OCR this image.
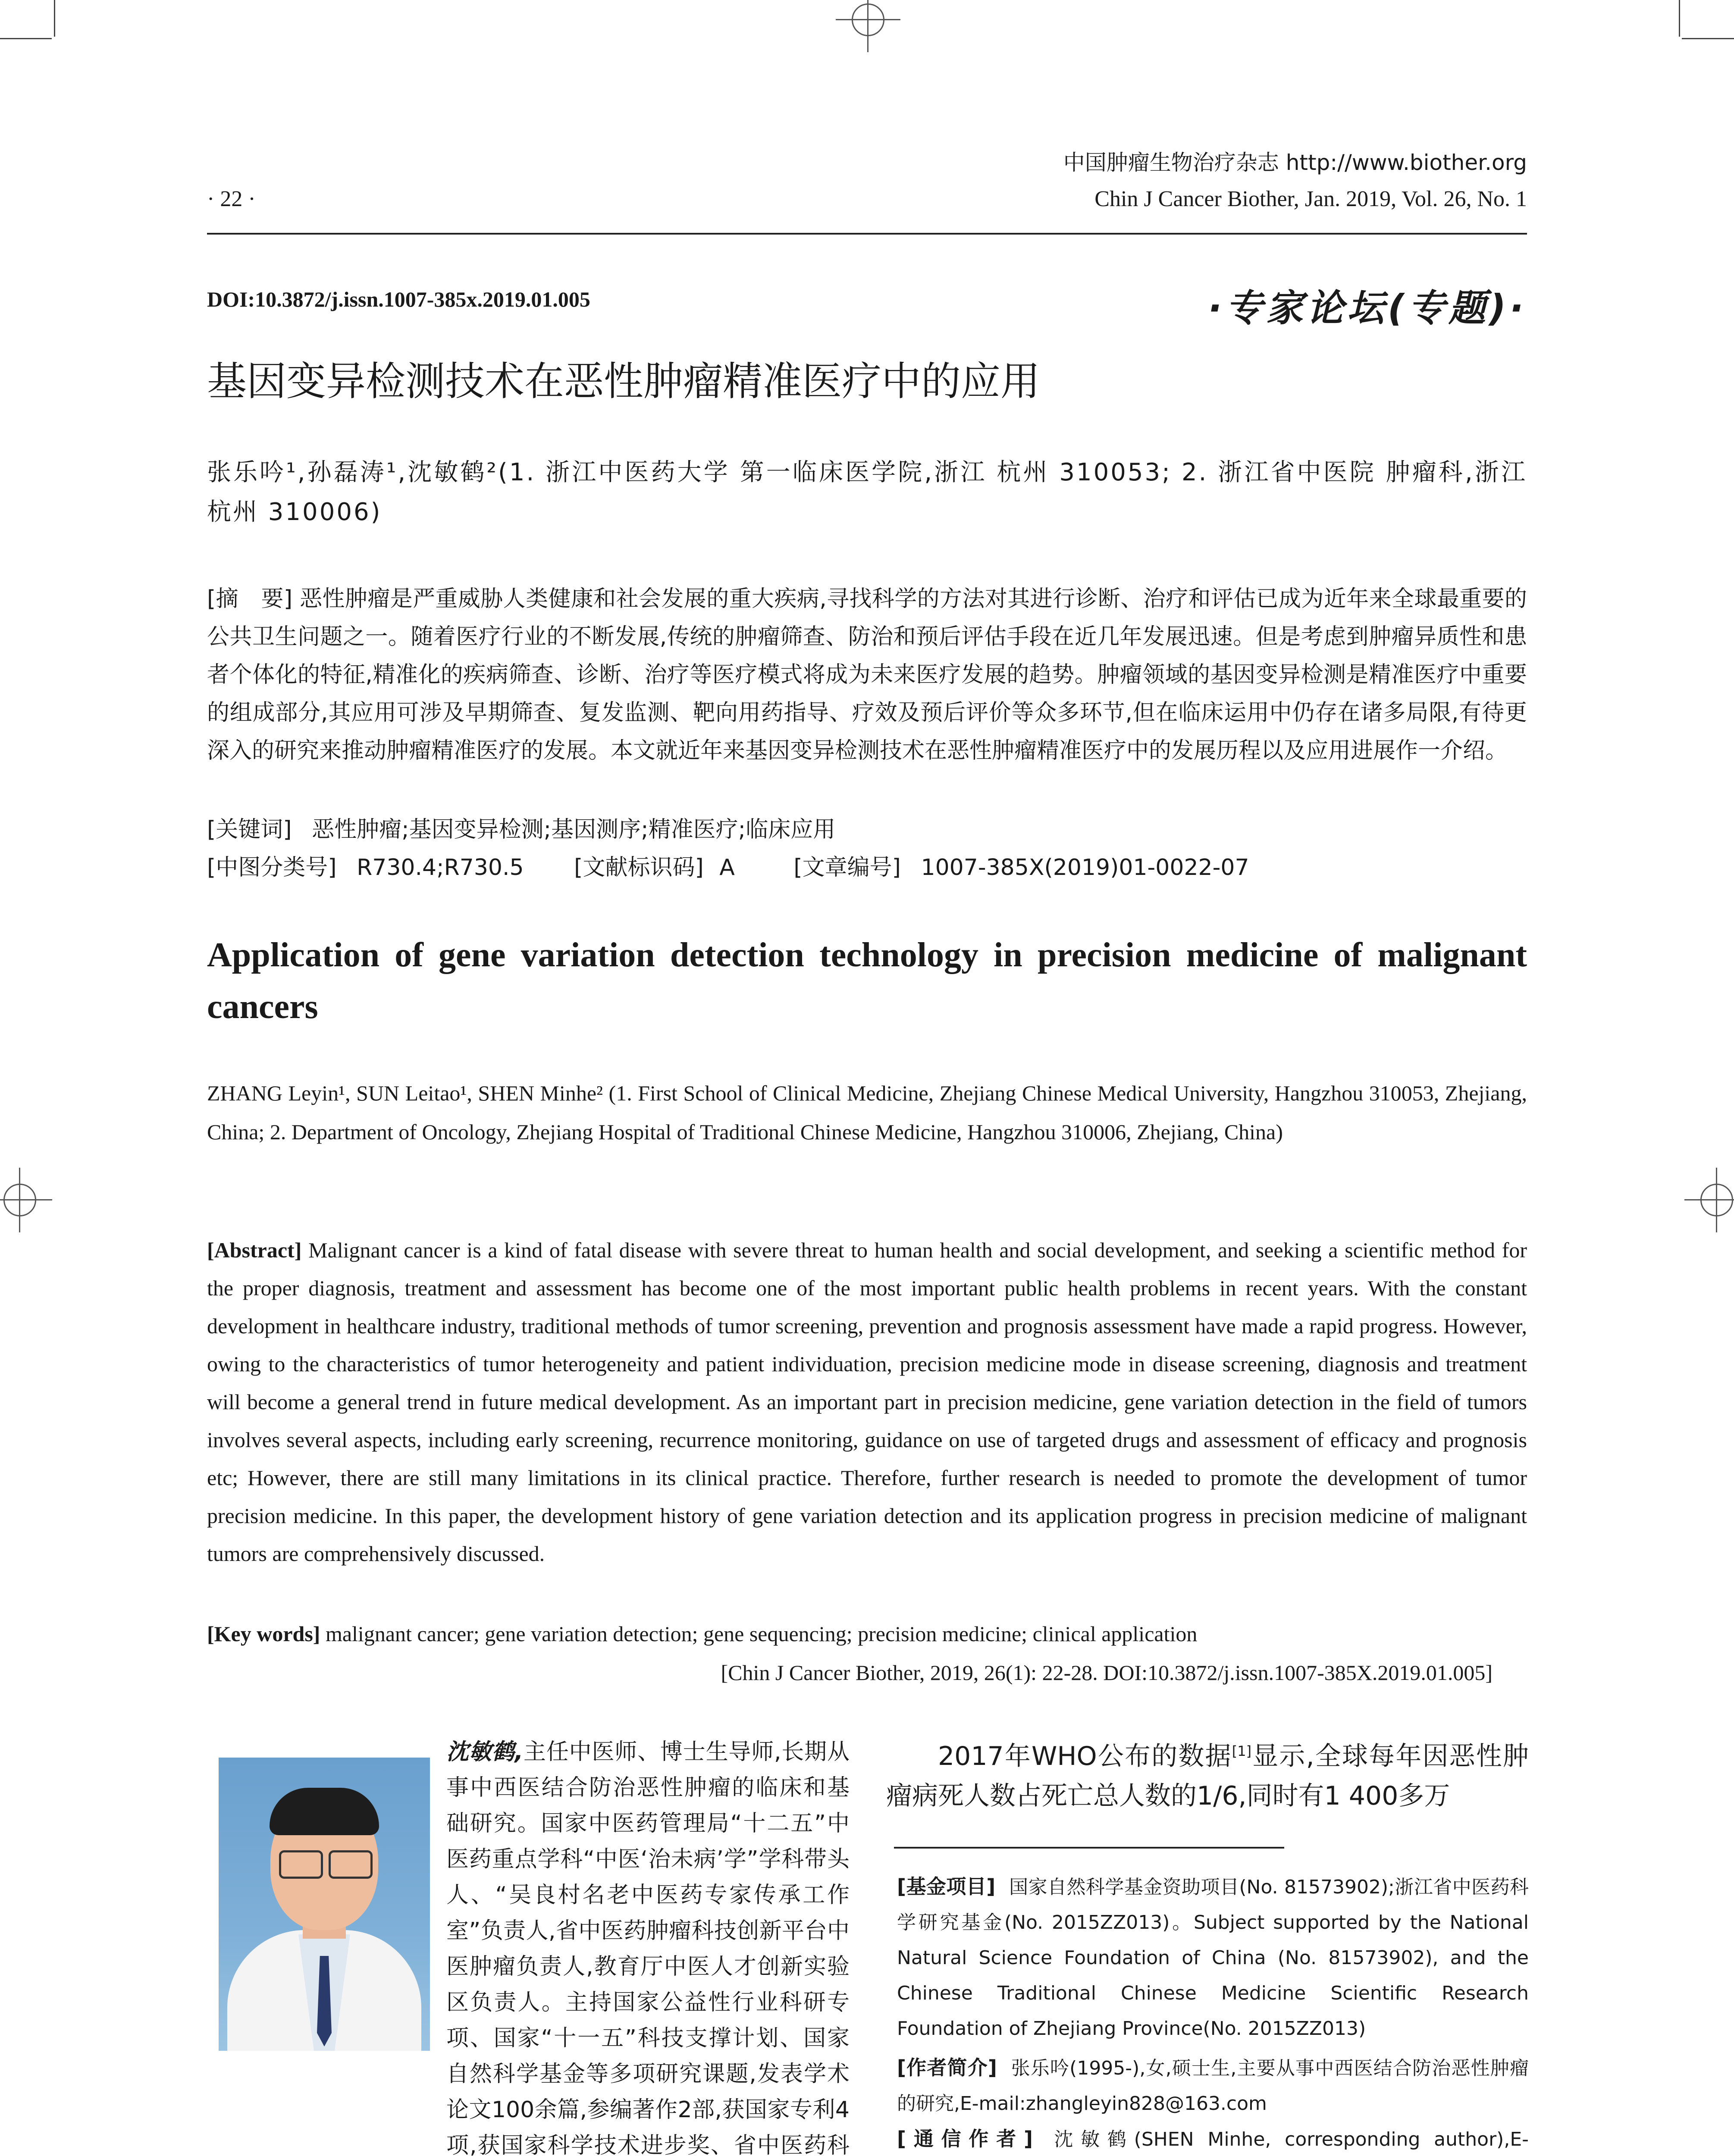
· 22 ·
中国肿瘤生物治疗杂志 http://www.biother.org
Chin J Cancer Biother, Jan. 2019, Vol. 26, No. 1
DOI:10.3872/j.issn.1007-385x.2019.01.005	·专家论坛(专题)·
基因变异检测技术在恶性肿瘤精准医疗中的应用
张乐吟¹,孙磊涛¹,沈敏鹤²(1. 浙江中医药大学 第一临床医学院,浙江 杭州 310053; 2. 浙江省中医院 肿瘤科,浙江 杭州 310006)
[摘　要] 恶性肿瘤是严重威胁人类健康和社会发展的重大疾病,寻找科学的方法对其进行诊断、治疗和评估已成为近年来全球最重要的公共卫生问题之一。随着医疗行业的不断发展,传统的肿瘤筛查、防治和预后评估手段在近几年发展迅速。但是考虑到肿瘤异质性和患者个体化的特征,精准化的疾病筛查、诊断、治疗等医疗模式将成为未来医疗发展的趋势。肿瘤领域的基因变异检测是精准医疗中重要的组成部分,其应用可涉及早期筛查、复发监测、靶向用药指导、疗效及预后评价等众多环节,但在临床运用中仍存在诸多局限,有待更深入的研究来推动肿瘤精准医疗的发展。本文就近年来基因变异检测技术在恶性肿瘤精准医疗中的发展历程以及应用进展作一介绍。
[关键词] 恶性肿瘤;基因变异检测;基因测序;精准医疗;临床应用
[中图分类号] R730.4;R730.5 [文献标识码] A	[文章编号] 1007-385X(2019)01-0022-07
Application of gene variation detection technology in precision medicine of malignant cancers
ZHANG Leyin¹, SUN Leitao¹, SHEN Minhe² (1. First School of Clinical Medicine, Zhejiang Chinese Medical University, Hangzhou 310053, Zhejiang, China; 2. Department of Oncology, Zhejiang Hospital of Traditional Chinese Medicine, Hangzhou 310006, Zhejiang, China)
[Abstract] Malignant cancer is a kind of fatal disease with severe threat to human health and social development, and seeking a scientific method for the proper diagnosis, treatment and assessment has become one of the most important public health problems in recent years. With the constant development in healthcare industry, traditional methods of tumor screening, prevention and prognosis assessment have made a rapid progress. However, owing to the characteristics of tumor heterogeneity and patient individuation, precision medicine mode in disease screening, diagnosis and treatment will become a general trend in future medical development. As an important part in precision medicine, gene variation detection in the field of tumors involves several aspects, including early screening, recurrence monitoring, guidance on use of targeted drugs and assessment of efficacy and prognosis etc; However, there are still many limitations in its clinical practice. Therefore, further research is needed to promote the development of tumor precision medicine. In this paper, the development history of gene variation detection and its application progress in precision medicine of malignant tumors are comprehensively discussed.
[Key words] malignant cancer; gene variation detection; gene sequencing; precision medicine; clinical application
[Chin J Cancer Biother, 2019, 26(1): 22-28. DOI:10.3872/j.issn.1007-385X.2019.01.005]
沈敏鹤,主任中医师、博士生导师,长期从事中西医结合防治恶性肿瘤的临床和基础研究。国家中医药管理局“十二五”中医药重点学科“中医‘治未病’学”学科带头人、“吴良村名老中医药专家传承工作室”负责人,省中医药肿瘤科技创新平台中医肿瘤负责人,教育厅中医人才创新实验区负责人。主持国家公益性行业科研专项、国家“十一五”科技支撑计划、国家自然科学基金等多项研究课题,发表学术论文100余篇,参编著作2部,获国家专利4项,获国家科学技术进步奖、省中医药科
2017年WHO公布的数据[1]显示,全球每年因恶性肿瘤病死人数占死亡总人数的1/6,同时有1 400多万
[基金项目] 国家自然科学基金资助项目(No. 81573902);浙江省中医药科学研究基金(No. 2015ZZ013)。Subject supported by the National Natural Science Foundation of China (No. 81573902), and the Chinese Traditional Chinese Medicine Scientific Research Foundation of Zhejiang Province(No. 2015ZZ013)
[作者简介] 张乐吟(1995-),女,硕士生,主要从事中西医结合防治恶性肿瘤的研究,E-mail:zhangleyin828@163.com
[通信作者] 沈敏鹤(SHEN Minhe, corresponding author),E-
